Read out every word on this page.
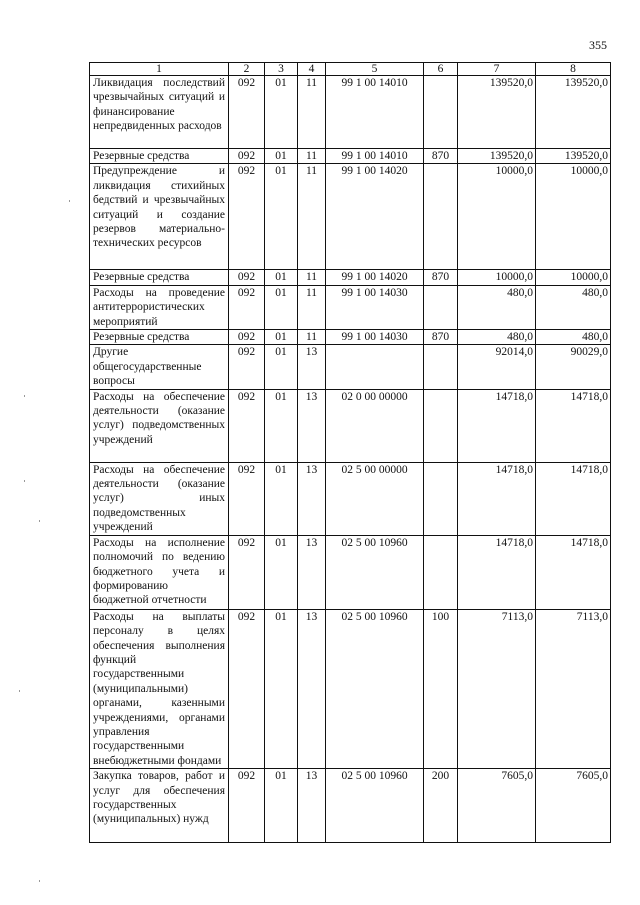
355
1	2	3	4	5	6	7	8
Ликвидация последствий чрезвычайных ситуаций и финансирование непредвиденных расходов	092	01	11	99 1 00 14010		139520,0	139520,0
Резервные средства	092	01	11	99 1 00 14010	870	139520,0	139520,0
Предупреждение и ликвидация стихийных бедствий и чрезвычайных ситуаций и создание резервов материально-технических ресурсов	092	01	11	99 1 00 14020		10000,0	10000,0
Резервные средства	092	01	11	99 1 00 14020	870	10000,0	10000,0
Расходы на проведение антитеррористических мероприятий	092	01	11	99 1 00 14030		480,0	480,0
Резервные средства	092	01	11	99 1 00 14030	870	480,0	480,0
Другие общегосударственные вопросы	092	01	13			92014,0	90029,0
Расходы на обеспечение деятельности (оказание услуг) подведомственных учреждений	092	01	13	02 0 00 00000		14718,0	14718,0
Расходы на обеспечение деятельности (оказание услуг) иных подведомственных учреждений	092	01	13	02 5 00 00000		14718,0	14718,0
Расходы на исполнение полномочий по ведению бюджетного учета и формированию бюджетной отчетности	092	01	13	02 5 00 10960		14718,0	14718,0
Расходы на выплаты персоналу в целях обеспечения выполнения функций государственными (муниципальными) органами, казенными учреждениями, органами управления государственными внебюджетными фондами	092	01	13	02 5 00 10960	100	7113,0	7113,0
Закупка товаров, работ и услуг для обеспечения государственных (муниципальных) нужд	092	01	13	02 5 00 10960	200	7605,0	7605,0
